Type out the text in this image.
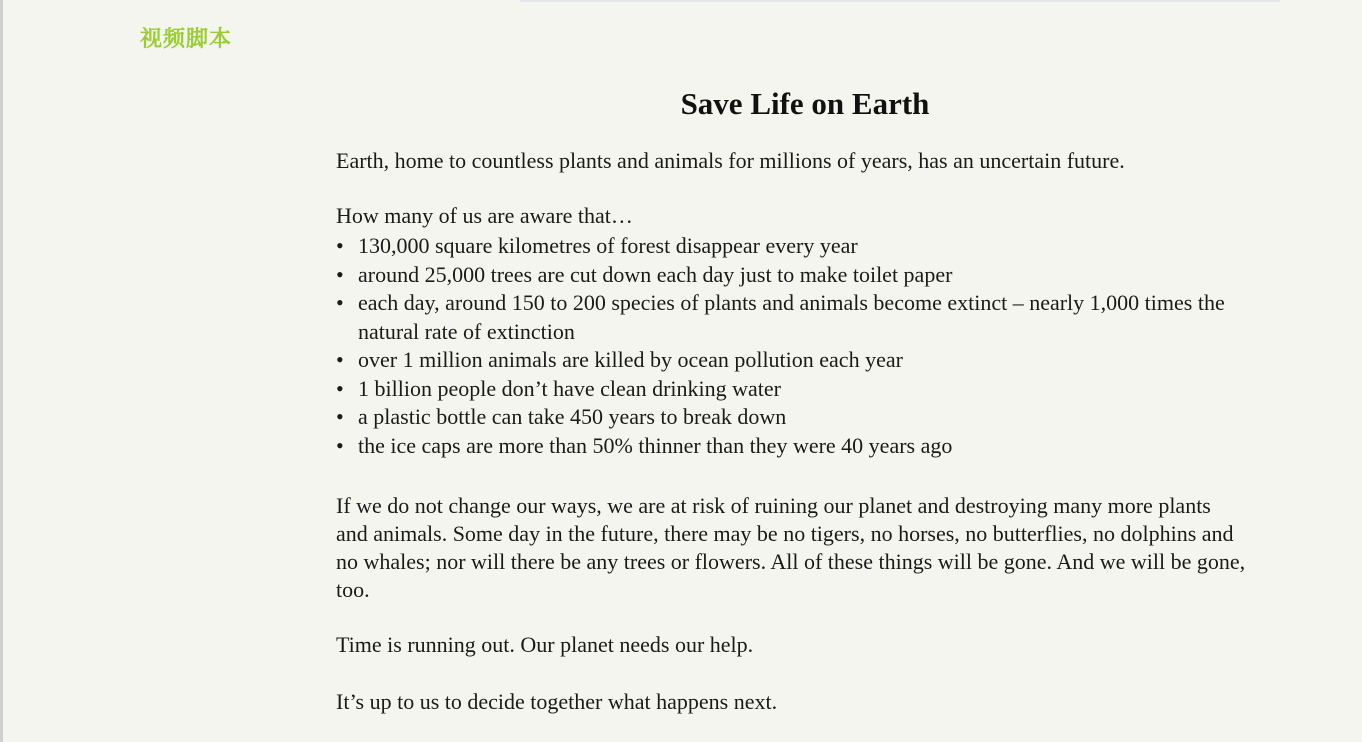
视频脚本
Save Life on Earth

Earth, home to countless plants and animals for millions of years, has an uncertain future.

How many of us are aware that…

• 130,000 square kilometres of forest disappear every year
• around 25,000 trees are cut down each day just to make toilet paper
• each day, around 150 to 200 species of plants and animals become extinct – nearly 1,000 times the natural rate of extinction
• over 1 million animals are killed by ocean pollution each year
• 1 billion people don’t have clean drinking water
• a plastic bottle can take 450 years to break down
• the ice caps are more than 50% thinner than they were 40 years ago

If we do not change our ways, we are at risk of ruining our planet and destroying many more plants and animals. Some day in the future, there may be no tigers, no horses, no butterflies, no dolphins and no whales; nor will there be any trees or flowers. All of these things will be gone. And we will be gone, too.

Time is running out. Our planet needs our help.

It’s up to us to decide together what happens next.
